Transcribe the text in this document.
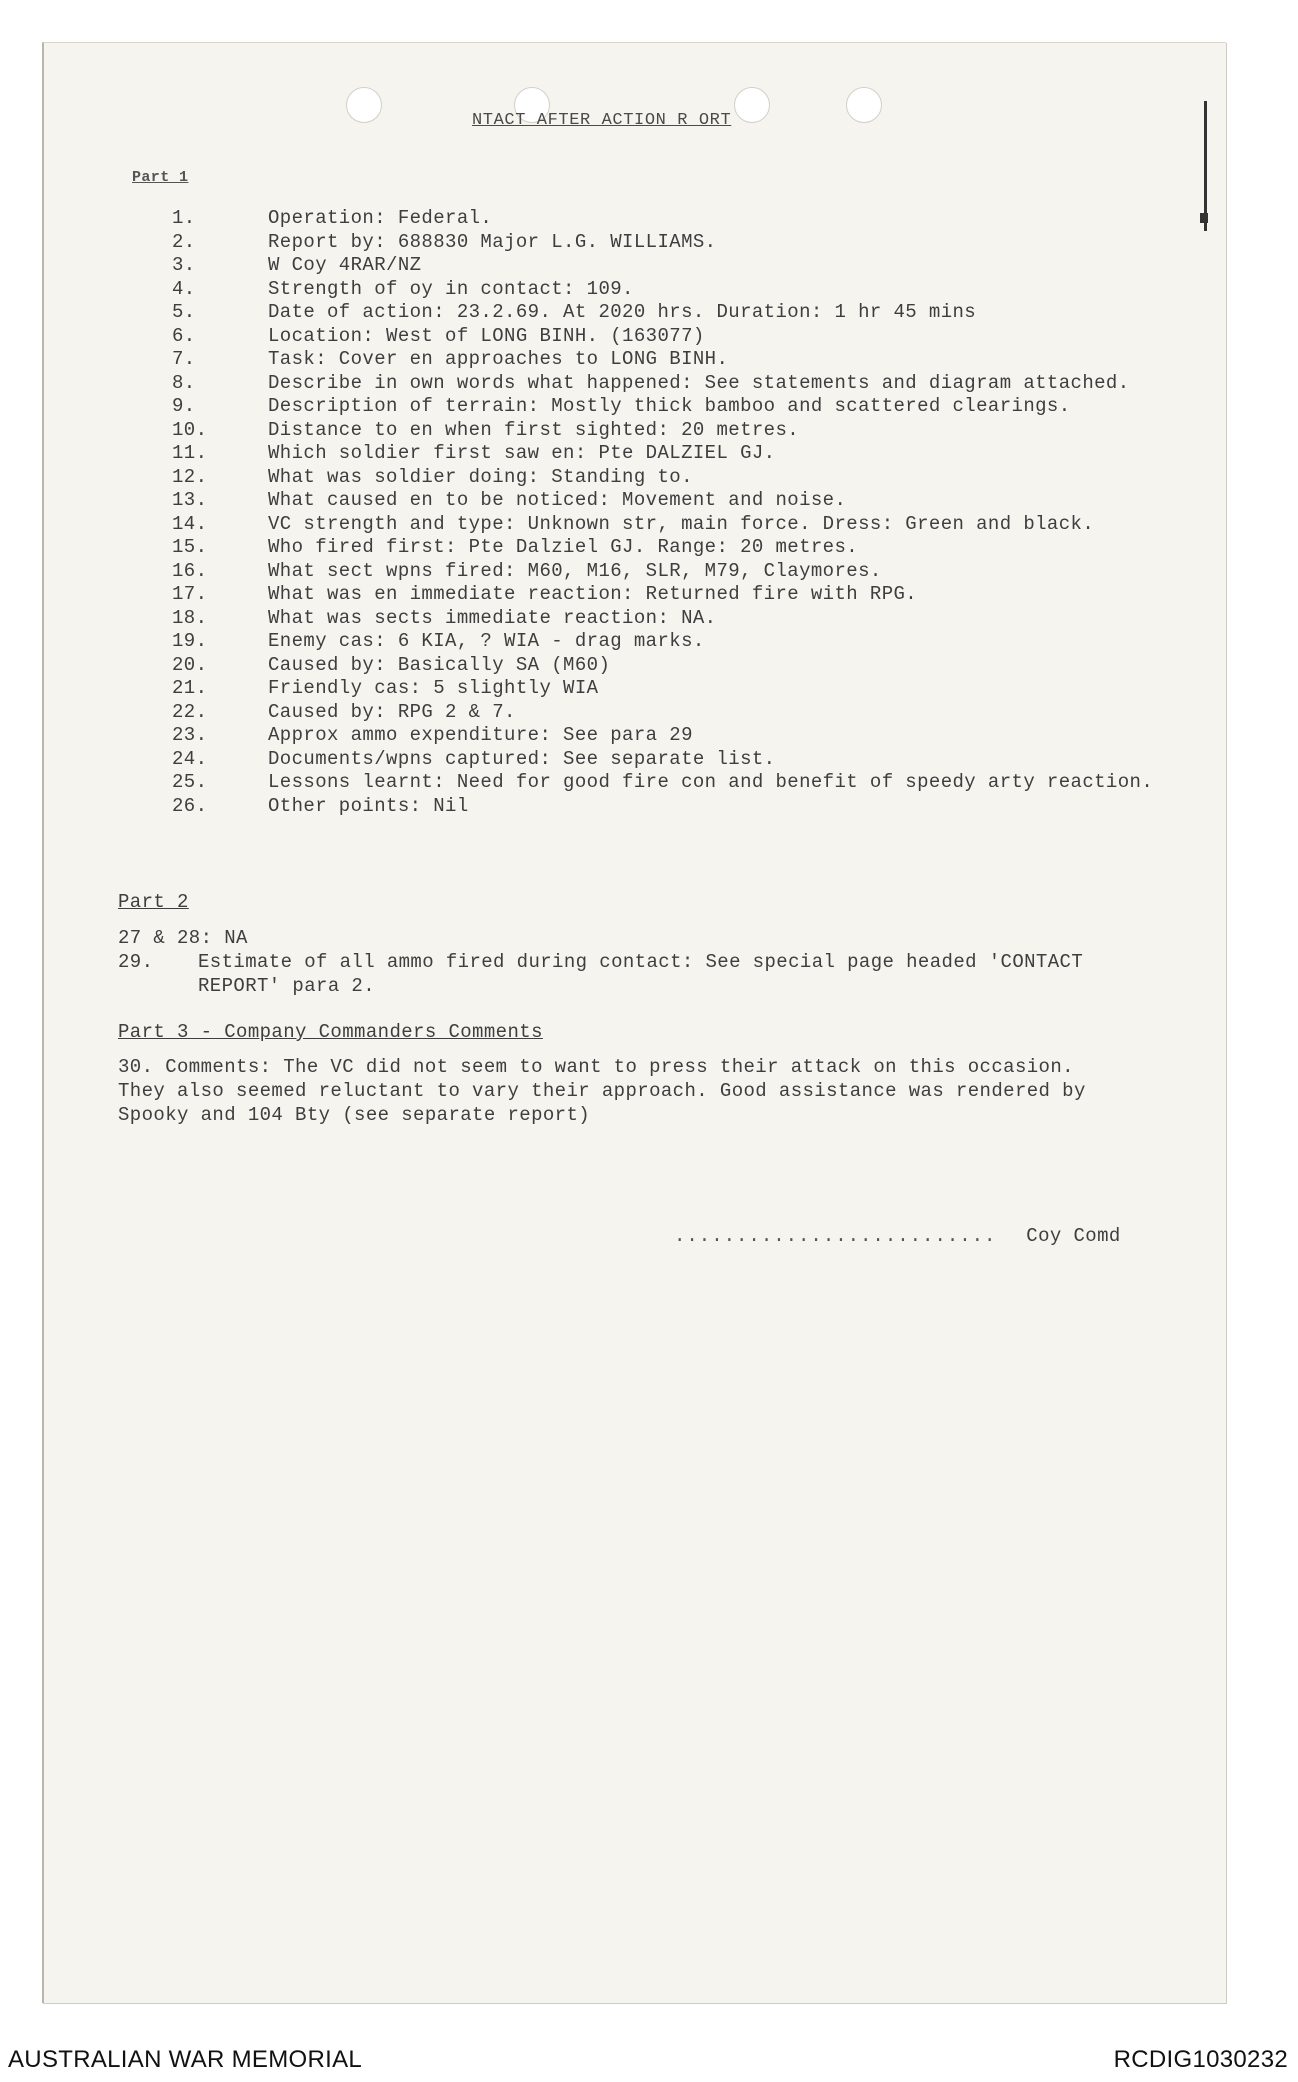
NTACT AFTER ACTION R ORT
Part 1
1.	Operation: Federal.
2.	Report by: 688830 Major L.G. WILLIAMS.
3.	W Coy 4RAR/NZ
4.	Strength of oy in contact: 109.
5.	Date of action: 23.2.69. At 2020 hrs. Duration: 1 hr 45 mins
6.	Location: West of LONG BINH. (163077)
7.	Task: Cover en approaches to LONG BINH.
8.	Describe in own words what happened: See statements and diagram attached.
9.	Description of terrain: Mostly thick bamboo and scattered clearings.
10.	Distance to en when first sighted: 20 metres.
11.	Which soldier first saw en: Pte DALZIEL GJ.
12.	What was soldier doing: Standing to.
13.	What caused en to be noticed: Movement and noise.
14.	VC strength and type: Unknown str, main force. Dress: Green and black.
15.	Who fired first: Pte Dalziel GJ. Range: 20 metres.
16.	What sect wpns fired: M60, M16, SLR, M79, Claymores.
17.	What was en immediate reaction: Returned fire with RPG.
18.	What was sects immediate reaction: NA.
19.	Enemy cas: 6 KIA, ? WIA - drag marks.
20.	Caused by: Basically SA (M60)
21.	Friendly cas: 5 slightly WIA
22.	Caused by: RPG 2 & 7.
23.	Approx ammo expenditure: See para 29
24.	Documents/wpns captured: See separate list.
25.	Lessons learnt: Need for good fire con and benefit of speedy arty reaction.
26.	Other points: Nil
Part 2
27 & 28: NA
29. Estimate of all ammo fired during contact: See special page headed 'CONTACT
REPORT' para 2.
Part 3 - Company Commanders Comments
30. Comments: The VC did not seem to want to press their attack on this occasion.
They also seemed reluctant to vary their approach. Good assistance was rendered by
Spooky and 104 Bty (see separate report)
.......................... Coy Comd
AUSTRALIAN WAR MEMORIAL	RCDIG1030232
